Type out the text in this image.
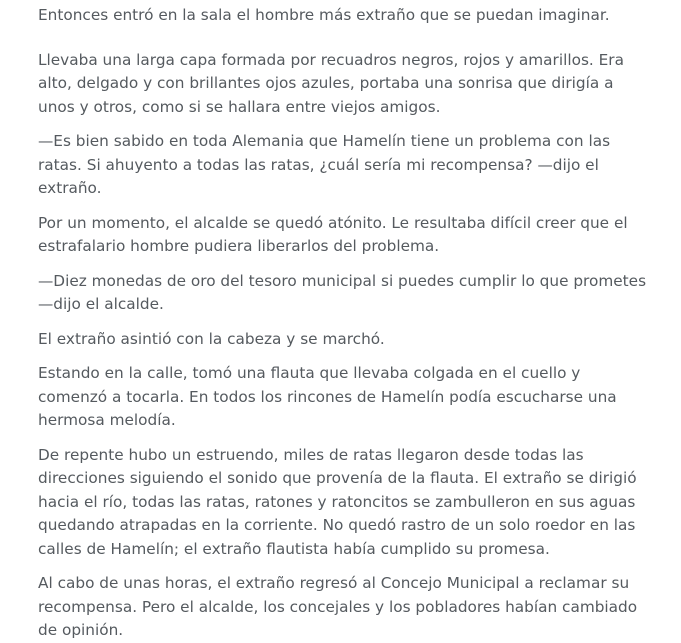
Entonces entró en la sala el hombre más extraño que se puedan imaginar.

Llevaba una larga capa formada por recuadros negros, rojos y amarillos. Era alto, delgado y con brillantes ojos azules, portaba una sonrisa que dirigía a unos y otros, como si se hallara entre viejos amigos.

—Es bien sabido en toda Alemania que Hamelín tiene un problema con las ratas. Si ahuyento a todas las ratas, ¿cuál sería mi recompensa? —dijo el extraño.

Por un momento, el alcalde se quedó atónito. Le resultaba difícil creer que el estrafalario hombre pudiera liberarlos del problema.

—Diez monedas de oro del tesoro municipal si puedes cumplir lo que prometes—dijo el alcalde.

El extraño asintió con la cabeza y se marchó.

Estando en la calle, tomó una flauta que llevaba colgada en el cuello y comenzó a tocarla. En todos los rincones de Hamelín podía escucharse una hermosa melodía.

De repente hubo un estruendo, miles de ratas llegaron desde todas las direcciones siguiendo el sonido que provenía de la flauta. El extraño se dirigió hacia el río, todas las ratas, ratones y ratoncitos se zambulleron en sus aguas quedando atrapadas en la corriente. No quedó rastro de un solo roedor en las calles de Hamelín; el extraño flautista había cumplido su promesa.

Al cabo de unas horas, el extraño regresó al Concejo Municipal a reclamar su recompensa. Pero el alcalde, los concejales y los pobladores habían cambiado de opinión.
